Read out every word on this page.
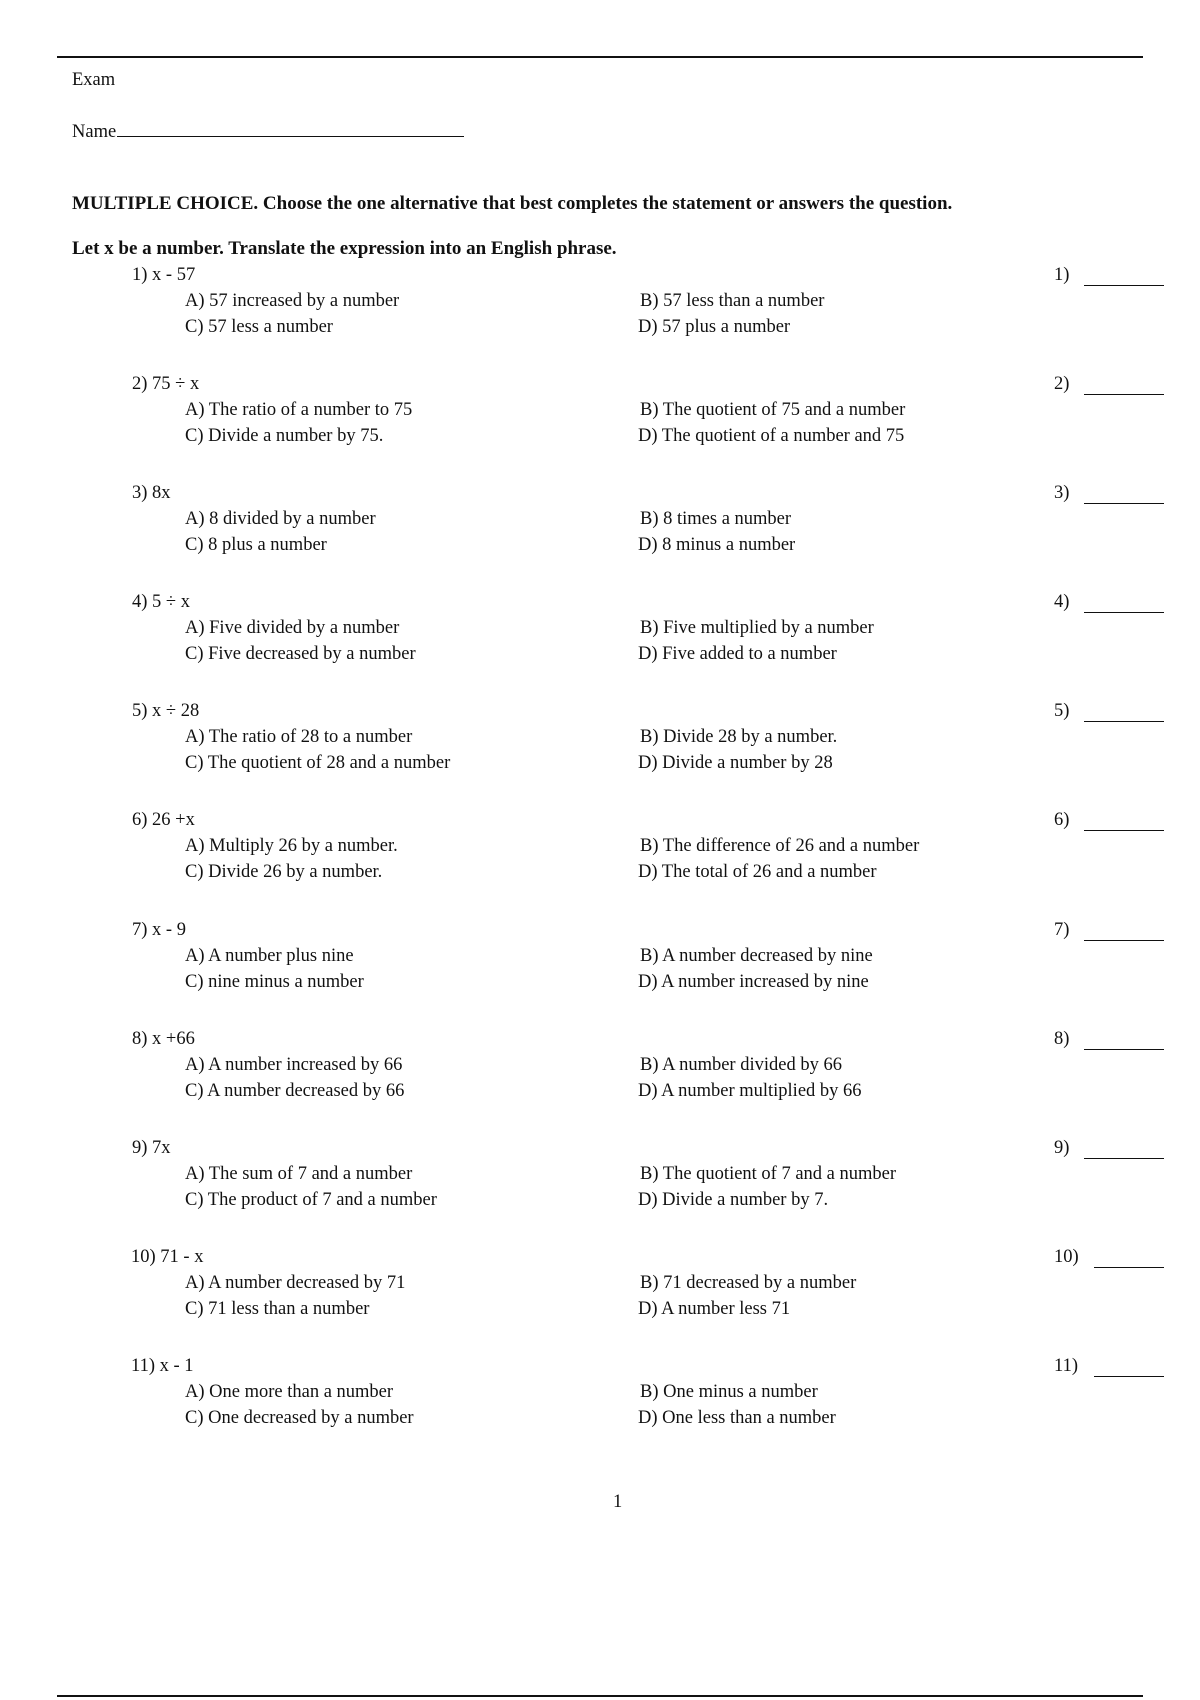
Exam
Name
MULTIPLE CHOICE. Choose the one alternative that best completes the statement or answers the question.
Let x be a number. Translate the expression into an English phrase.
1) x - 57
A) 57 increased by a number	B) 57 less than a number
C) 57 less a number	D) 57 plus a number
1)
2) 75 ÷ x
A) The ratio of a number to 75	B) The quotient of 75 and a number
C) Divide a number by 75.	D) The quotient of a number and 75
2)
3) 8x
A) 8 divided by a number	B) 8 times a number
C) 8 plus a number	D) 8 minus a number
3)
4) 5 ÷ x
A) Five divided by a number	B) Five multiplied by a number
C) Five decreased by a number	D) Five added to a number
4)
5) x ÷ 28
A) The ratio of 28 to a number	B) Divide 28 by a number.
C) The quotient of 28 and a number	D) Divide a number by 28
5)
6) 26 +x
A) Multiply 26 by a number.	B) The difference of 26 and a number
C) Divide 26 by a number.	D) The total of 26 and a number
6)
7) x - 9
A) A number plus nine	B) A number decreased by nine
C) nine minus a number	D) A number increased by nine
7)
8) x +66
A) A number increased by 66	B) A number divided by 66
C) A number decreased by 66	D) A number multiplied by 66
8)
9) 7x
A) The sum of 7 and a number	B) The quotient of 7 and a number
C) The product of 7 and a number	D) Divide a number by 7.
9)
10) 71 - x
A) A number decreased by 71	B) 71 decreased by a number
C) 71 less than a number	D) A number less 71
10)
11) x - 1
A) One more than a number	B) One minus a number
C) One decreased by a number	D) One less than a number
11)
1
